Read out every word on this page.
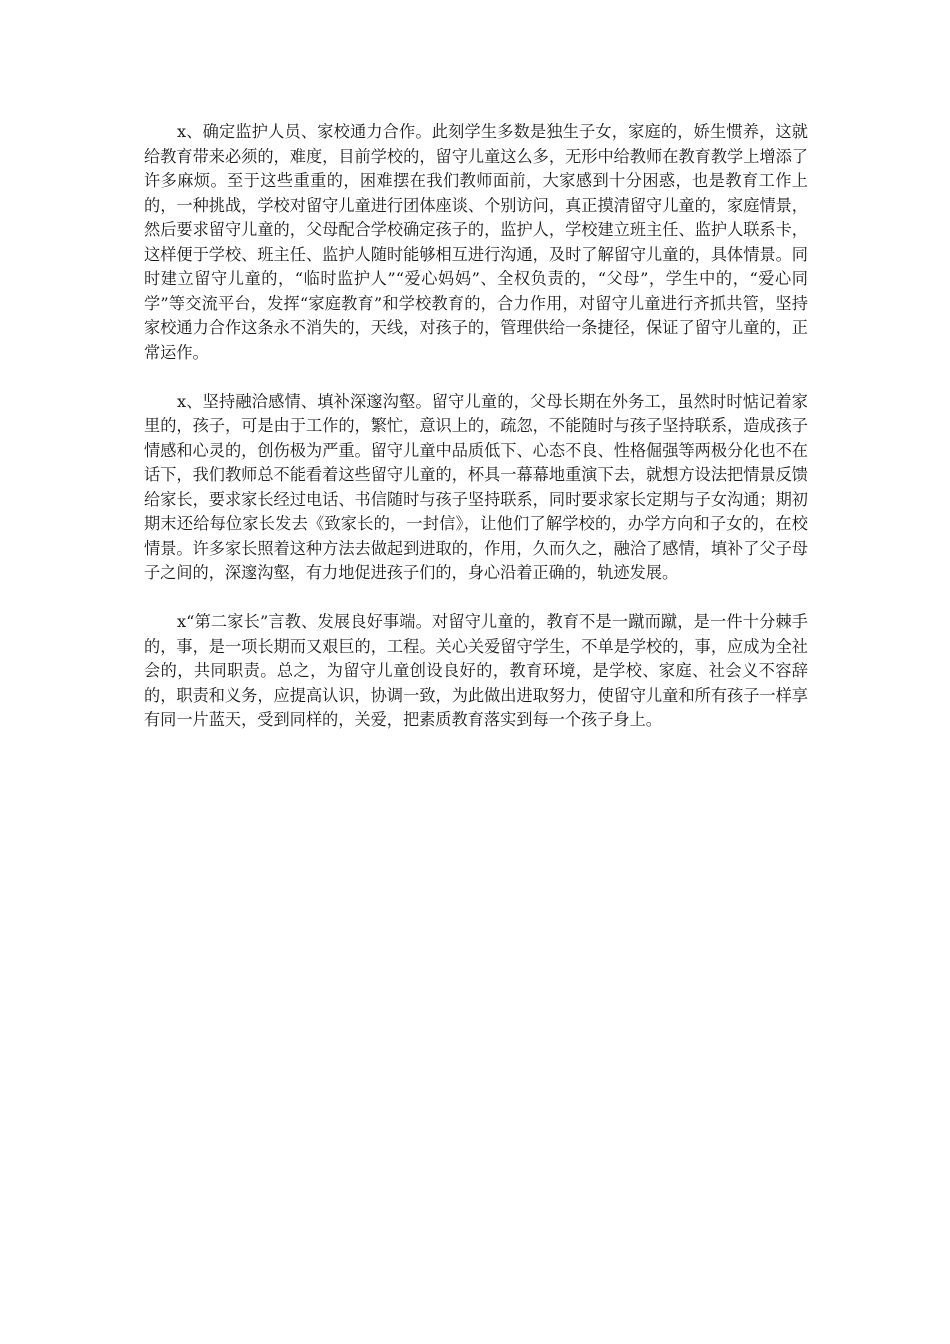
x、确定监护人员、家校通力合作。此刻学生多数是独生子女，家庭的，娇生惯养，这就给教育带来必须的，难度，目前学校的，留守儿童这么多，无形中给教师在教育教学上增添了许多麻烦。至于这些重重的，困难摆在我们教师面前，大家感到十分困惑，也是教育工作上的，一种挑战，学校对留守儿童进行团体座谈、个别访问，真正摸清留守儿童的，家庭情景，然后要求留守儿童的，父母配合学校确定孩子的，监护人，学校建立班主任、监护人联系卡，这样便于学校、班主任、监护人随时能够相互进行沟通，及时了解留守儿童的，具体情景。同时建立留守儿童的，“临时监护人”“爱心妈妈”、全权负责的，“父母”，学生中的，“爱心同学”等交流平台，发挥“家庭教育”和学校教育的，合力作用，对留守儿童进行齐抓共管，坚持家校通力合作这条永不消失的，天线，对孩子的，管理供给一条捷径，保证了留守儿童的，正常运作。

x、坚持融洽感情、填补深邃沟壑。留守儿童的，父母长期在外务工，虽然时时惦记着家里的，孩子，可是由于工作的，繁忙，意识上的，疏忽，不能随时与孩子坚持联系，造成孩子情感和心灵的，创伤极为严重。留守儿童中品质低下、心态不良、性格倔强等两极分化也不在话下，我们教师总不能看着这些留守儿童的，杯具一幕幕地重演下去，就想方设法把情景反馈给家长，要求家长经过电话、书信随时与孩子坚持联系，同时要求家长定期与子女沟通；期初期末还给每位家长发去《致家长的，一封信》，让他们了解学校的，办学方向和子女的，在校情景。许多家长照着这种方法去做起到进取的，作用，久而久之，融洽了感情，填补了父子母子之间的，深邃沟壑，有力地促进孩子们的，身心沿着正确的，轨迹发展。

x“第二家长”言教、发展良好事端。对留守儿童的，教育不是一蹴而蹴，是一件十分棘手的，事，是一项长期而又艰巨的，工程。关心关爱留守学生，不单是学校的，事，应成为全社会的，共同职责。总之，为留守儿童创设良好的，教育环境，是学校、家庭、社会义不容辞的，职责和义务，应提高认识，协调一致，为此做出进取努力，使留守儿童和所有孩子一样享有同一片蓝天，受到同样的，关爱，把素质教育落实到每一个孩子身上。
